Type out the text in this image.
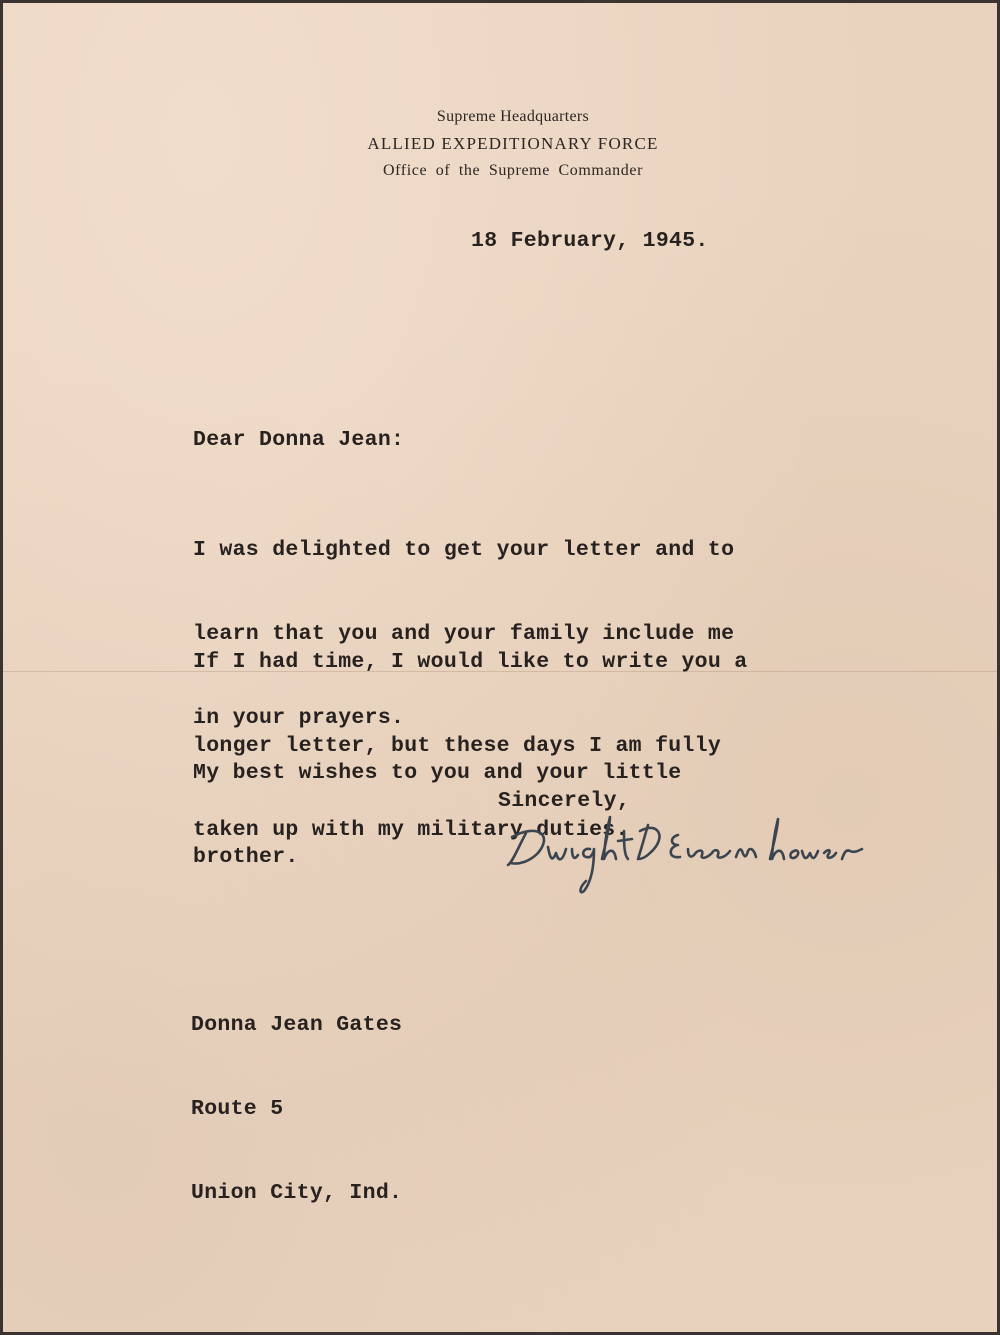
Supreme Headquarters
ALLIED EXPEDITIONARY FORCE
Office of the Supreme Commander
18 February, 1945.
Dear Donna Jean:

I was delighted to get your letter and to

learn that you and your family include me

in your prayers.

If I had time, I would like to write you a

longer letter, but these days I am fully

taken up with my military duties.

My best wishes to you and your little

brother.

Sincerely,

Donna Jean Gates

Route 5

Union City, Ind.
